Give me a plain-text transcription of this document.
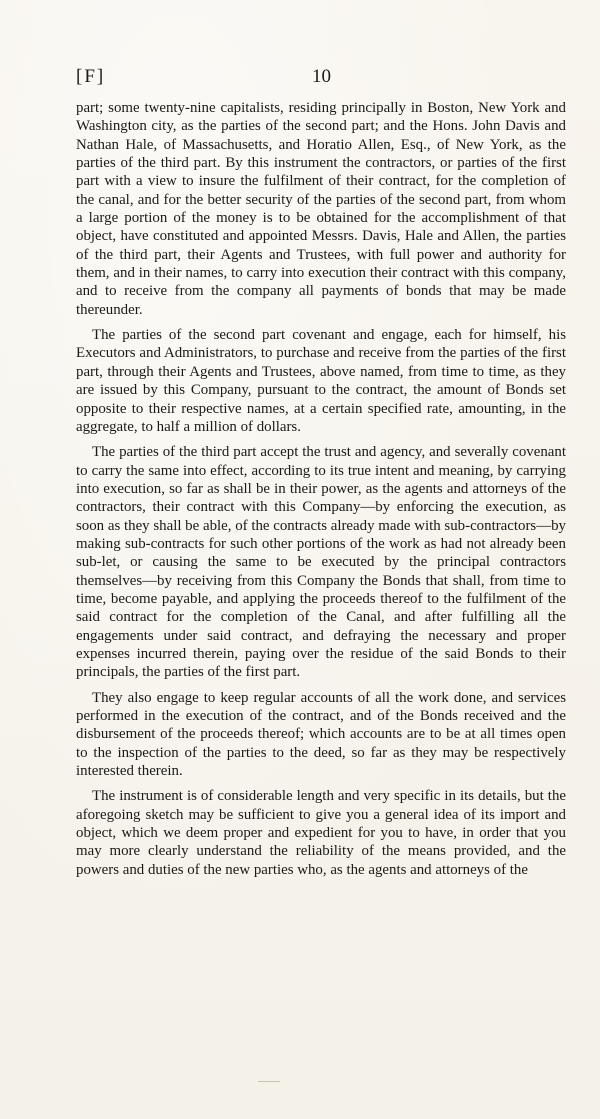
[F]	10

part; some twenty-nine capitalists, residing principally in Boston, New York and Washington city, as the parties of the second part; and the Hons. John Davis and Nathan Hale, of Massachusetts, and Horatio Allen, Esq., of New York, as the parties of the third part. By this instrument the contractors, or parties of the first part with a view to insure the fulfilment of their contract, for the completion of the canal, and for the better security of the parties of the second part, from whom a large portion of the money is to be obtained for the accomplishment of that object, have constituted and appointed Messrs. Davis, Hale and Allen, the parties of the third part, their Agents and Trustees, with full power and authority for them, and in their names, to carry into execution their contract with this company, and to receive from the company all payments of bonds that may be made thereunder.

The parties of the second part covenant and engage, each for himself, his Executors and Administrators, to purchase and receive from the parties of the first part, through their Agents and Trustees, above named, from time to time, as they are issued by this Company, pursuant to the contract, the amount of Bonds set opposite to their respective names, at a certain specified rate, amounting, in the aggregate, to half a million of dollars.

The parties of the third part accept the trust and agency, and severally covenant to carry the same into effect, according to its true intent and meaning, by carrying into execution, so far as shall be in their power, as the agents and attorneys of the contractors, their contract with this Company—by enforcing the execution, as soon as they shall be able, of the contracts already made with sub-contractors—by making sub-contracts for such other portions of the work as had not already been sub-let, or causing the same to be executed by the principal contractors themselves—by receiving from this Company the Bonds that shall, from time to time, become payable, and applying the proceeds thereof to the fulfilment of the said contract for the completion of the Canal, and after fulfilling all the engagements under said contract, and defraying the necessary and proper expenses incurred therein, paying over the residue of the said Bonds to their principals, the parties of the first part.

They also engage to keep regular accounts of all the work done, and services performed in the execution of the contract, and of the Bonds received and the disbursement of the proceeds thereof; which accounts are to be at all times open to the inspection of the parties to the deed, so far as they may be respectively interested therein.

The instrument is of considerable length and very specific in its details, but the aforegoing sketch may be sufficient to give you a general idea of its import and object, which we deem proper and expedient for you to have, in order that you may more clearly understand the reliability of the means provided, and the powers and duties of the new parties who, as the agents and attorneys of the
